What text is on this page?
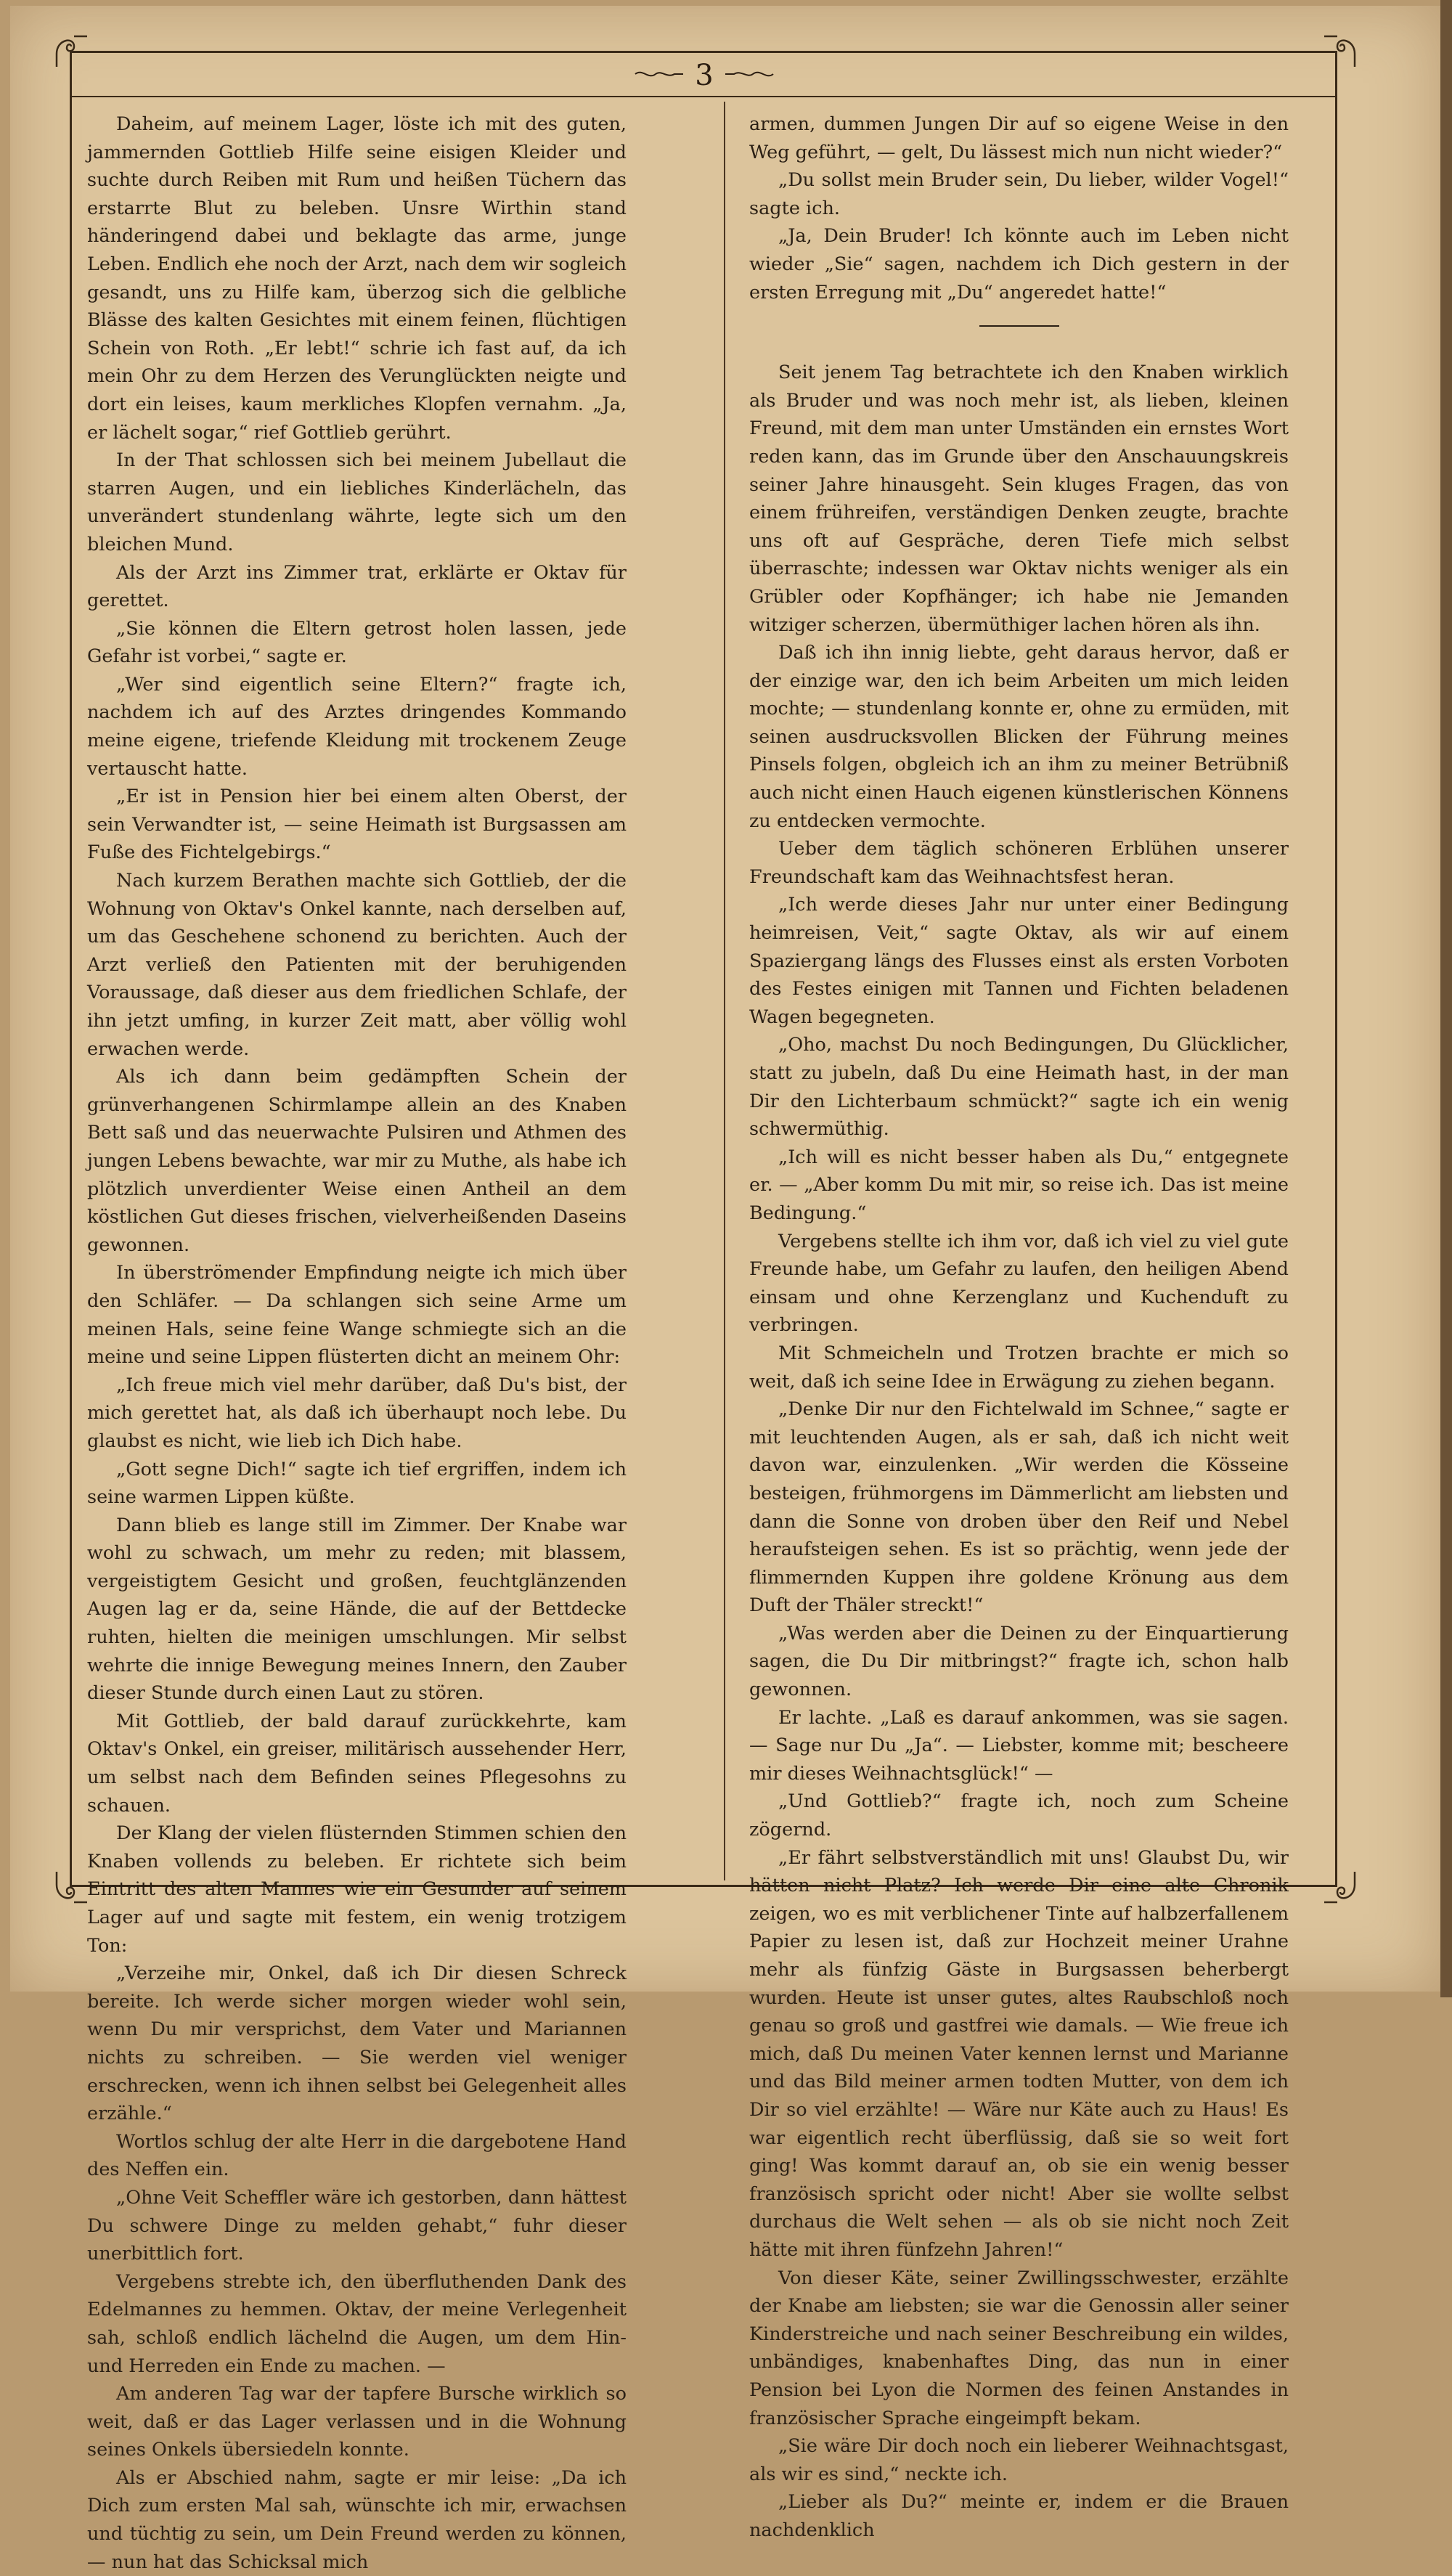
3

Daheim, auf meinem Lager, löste ich mit des guten, jammernden Gottlieb Hilfe seine eisigen Kleider und suchte durch Reiben mit Rum und heißen Tüchern das erstarrte Blut zu beleben. Unsre Wirthin stand händeringend dabei und beklagte das arme, junge Leben. Endlich ehe noch der Arzt, nach dem wir sogleich gesandt, uns zu Hilfe kam, überzog sich die gelbliche Blässe des kalten Gesichtes mit einem feinen, flüchtigen Schein von Roth. „Er lebt!“ schrie ich fast auf, da ich mein Ohr zu dem Herzen des Verunglückten neigte und dort ein leises, kaum merkliches Klopfen vernahm. „Ja, er lächelt sogar,“ rief Gottlieb gerührt.

In der That schlossen sich bei meinem Jubellaut die starren Augen, und ein liebliches Kinderlächeln, das unverändert stundenlang währte, legte sich um den bleichen Mund.

Als der Arzt ins Zimmer trat, erklärte er Oktav für gerettet.

„Sie können die Eltern getrost holen lassen, jede Gefahr ist vorbei,“ sagte er.

„Wer sind eigentlich seine Eltern?“ fragte ich, nachdem ich auf des Arztes dringendes Kommando meine eigene, triefende Kleidung mit trockenem Zeuge vertauscht hatte.

„Er ist in Pension hier bei einem alten Oberst, der sein Verwandter ist, — seine Heimath ist Burgsassen am Fuße des Fichtelgebirgs.“

Nach kurzem Berathen machte sich Gottlieb, der die Wohnung von Oktav's Onkel kannte, nach derselben auf, um das Geschehene schonend zu berichten. Auch der Arzt verließ den Patienten mit der beruhigenden Voraussage, daß dieser aus dem friedlichen Schlafe, der ihn jetzt umfing, in kurzer Zeit matt, aber völlig wohl erwachen werde.

Als ich dann beim gedämpften Schein der grünverhangenen Schirmlampe allein an des Knaben Bett saß und das neuerwachte Pulsiren und Athmen des jungen Lebens bewachte, war mir zu Muthe, als habe ich plötzlich unverdienter Weise einen Antheil an dem köstlichen Gut dieses frischen, vielverheißenden Daseins gewonnen.

In überströmender Empfindung neigte ich mich über den Schläfer. — Da schlangen sich seine Arme um meinen Hals, seine feine Wange schmiegte sich an die meine und seine Lippen flüsterten dicht an meinem Ohr:

„Ich freue mich viel mehr darüber, daß Du's bist, der mich gerettet hat, als daß ich überhaupt noch lebe. Du glaubst es nicht, wie lieb ich Dich habe.

„Gott segne Dich!“ sagte ich tief ergriffen, indem ich seine warmen Lippen küßte.

Dann blieb es lange still im Zimmer. Der Knabe war wohl zu schwach, um mehr zu reden; mit blassem, vergeistigtem Gesicht und großen, feuchtglänzenden Augen lag er da, seine Hände, die auf der Bettdecke ruhten, hielten die meinigen umschlungen. Mir selbst wehrte die innige Bewegung meines Innern, den Zauber dieser Stunde durch einen Laut zu stören.

Mit Gottlieb, der bald darauf zurückkehrte, kam Oktav's Onkel, ein greiser, militärisch aussehender Herr, um selbst nach dem Befinden seines Pflegesohns zu schauen.

Der Klang der vielen flüsternden Stimmen schien den Knaben vollends zu beleben. Er richtete sich beim Eintritt des alten Mannes wie ein Gesunder auf seinem Lager auf und sagte mit festem, ein wenig trotzigem Ton:

„Verzeihe mir, Onkel, daß ich Dir diesen Schreck bereite. Ich werde sicher morgen wieder wohl sein, wenn Du mir versprichst, dem Vater und Mariannen nichts zu schreiben. — Sie werden viel weniger erschrecken, wenn ich ihnen selbst bei Gelegenheit alles erzähle.“

Wortlos schlug der alte Herr in die dargebotene Hand des Neffen ein.

„Ohne Veit Scheffler wäre ich gestorben, dann hättest Du schwere Dinge zu melden gehabt,“ fuhr dieser unerbittlich fort.

Vergebens strebte ich, den überfluthenden Dank des Edelmannes zu hemmen. Oktav, der meine Verlegenheit sah, schloß endlich lächelnd die Augen, um dem Hin- und Herreden ein Ende zu machen. —

Am anderen Tag war der tapfere Bursche wirklich so weit, daß er das Lager verlassen und in die Wohnung seines Onkels übersiedeln konnte.

Als er Abschied nahm, sagte er mir leise: „Da ich Dich zum ersten Mal sah, wünschte ich mir, erwachsen und tüchtig zu sein, um Dein Freund werden zu können, — nun hat das Schicksal mich

armen, dummen Jungen Dir auf so eigene Weise in den Weg geführt, — gelt, Du lässest mich nun nicht wieder?“

„Du sollst mein Bruder sein, Du lieber, wilder Vogel!“ sagte ich.

„Ja, Dein Bruder! Ich könnte auch im Leben nicht wieder „Sie“ sagen, nachdem ich Dich gestern in der ersten Erregung mit „Du“ angeredet hatte!“

Seit jenem Tag betrachtete ich den Knaben wirklich als Bruder und was noch mehr ist, als lieben, kleinen Freund, mit dem man unter Umständen ein ernstes Wort reden kann, das im Grunde über den Anschauungskreis seiner Jahre hinausgeht. Sein kluges Fragen, das von einem frühreifen, verständigen Denken zeugte, brachte uns oft auf Gespräche, deren Tiefe mich selbst überraschte; indessen war Oktav nichts weniger als ein Grübler oder Kopfhänger; ich habe nie Jemanden witziger scherzen, übermüthiger lachen hören als ihn.

Daß ich ihn innig liebte, geht daraus hervor, daß er der einzige war, den ich beim Arbeiten um mich leiden mochte; — stundenlang konnte er, ohne zu ermüden, mit seinen ausdrucksvollen Blicken der Führung meines Pinsels folgen, obgleich ich an ihm zu meiner Betrübniß auch nicht einen Hauch eigenen künstlerischen Könnens zu entdecken vermochte.

Ueber dem täglich schöneren Erblühen unserer Freundschaft kam das Weihnachtsfest heran.

„Ich werde dieses Jahr nur unter einer Bedingung heimreisen, Veit,“ sagte Oktav, als wir auf einem Spaziergang längs des Flusses einst als ersten Vorboten des Festes einigen mit Tannen und Fichten beladenen Wagen begegneten.

„Oho, machst Du noch Bedingungen, Du Glücklicher, statt zu jubeln, daß Du eine Heimath hast, in der man Dir den Lichterbaum schmückt?“ sagte ich ein wenig schwermüthig.

„Ich will es nicht besser haben als Du,“ entgegnete er. — „Aber komm Du mit mir, so reise ich. Das ist meine Bedingung.“

Vergebens stellte ich ihm vor, daß ich viel zu viel gute Freunde habe, um Gefahr zu laufen, den heiligen Abend einsam und ohne Kerzenglanz und Kuchenduft zu verbringen.

Mit Schmeicheln und Trotzen brachte er mich so weit, daß ich seine Idee in Erwägung zu ziehen begann.

„Denke Dir nur den Fichtelwald im Schnee,“ sagte er mit leuchtenden Augen, als er sah, daß ich nicht weit davon war, einzulenken. „Wir werden die Kösseine besteigen, frühmorgens im Dämmerlicht am liebsten und dann die Sonne von droben über den Reif und Nebel heraufsteigen sehen. Es ist so prächtig, wenn jede der flimmernden Kuppen ihre goldene Krönung aus dem Duft der Thäler streckt!“

„Was werden aber die Deinen zu der Einquartierung sagen, die Du Dir mitbringst?“ fragte ich, schon halb gewonnen.

Er lachte. „Laß es darauf ankommen, was sie sagen. — Sage nur Du „Ja“. — Liebster, komme mit; bescheere mir dieses Weihnachtsglück!“ —

„Und Gottlieb?“ fragte ich, noch zum Scheine zögernd.

„Er fährt selbstverständlich mit uns! Glaubst Du, wir hätten nicht Platz? Ich werde Dir eine alte Chronik zeigen, wo es mit verblichener Tinte auf halbzerfallenem Papier zu lesen ist, daß zur Hochzeit meiner Urahne mehr als fünfzig Gäste in Burgsassen beherbergt wurden. Heute ist unser gutes, altes Raubschloß noch genau so groß und gastfrei wie damals. — Wie freue ich mich, daß Du meinen Vater kennen lernst und Marianne und das Bild meiner armen todten Mutter, von dem ich Dir so viel erzählte! — Wäre nur Käte auch zu Haus! Es war eigentlich recht überflüssig, daß sie so weit fort ging! Was kommt darauf an, ob sie ein wenig besser französisch spricht oder nicht! Aber sie wollte selbst durchaus die Welt sehen — als ob sie nicht noch Zeit hätte mit ihren fünfzehn Jahren!“

Von dieser Käte, seiner Zwillingsschwester, erzählte der Knabe am liebsten; sie war die Genossin aller seiner Kinderstreiche und nach seiner Beschreibung ein wildes, unbändiges, knabenhaftes Ding, das nun in einer Pension bei Lyon die Normen des feinen Anstandes in französischer Sprache eingeimpft bekam.

„Sie wäre Dir doch noch ein lieberer Weihnachtsgast, als wir es sind,“ neckte ich.

„Lieber als Du?“ meinte er, indem er die Brauen nachdenklich
